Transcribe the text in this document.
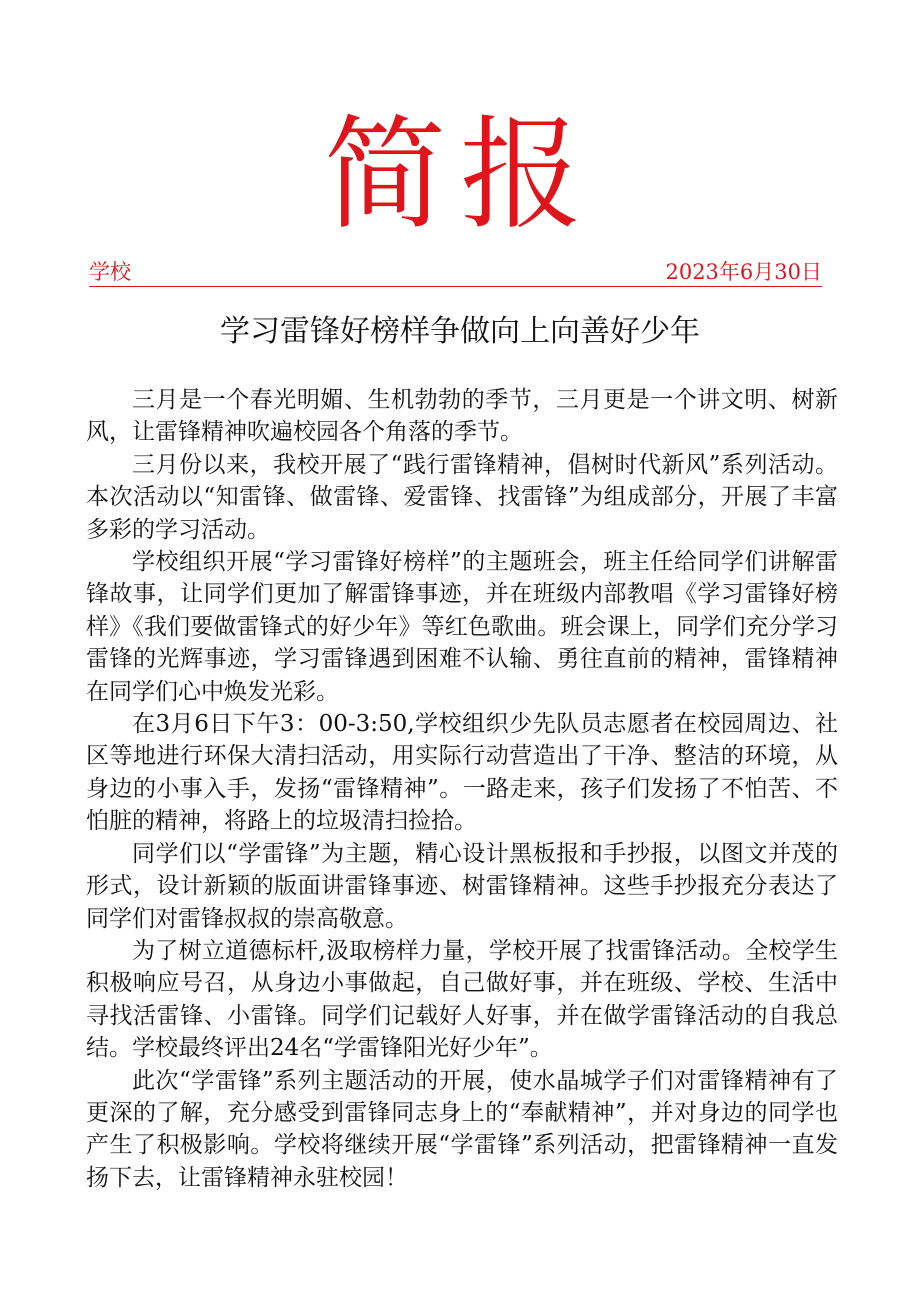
简报
学校	2023年6月30日
学习雷锋好榜样争做向上向善好少年

三月是一个春光明媚、生机勃勃的季节，三月更是一个讲文明、树新风，让雷锋精神吹遍校园各个角落的季节。

三月份以来，我校开展了“践行雷锋精神，倡树时代新风”系列活动。本次活动以“知雷锋、做雷锋、爱雷锋、找雷锋”为组成部分，开展了丰富多彩的学习活动。

学校组织开展“学习雷锋好榜样”的主题班会，班主任给同学们讲解雷锋故事，让同学们更加了解雷锋事迹，并在班级内部教唱《学习雷锋好榜样》《我们要做雷锋式的好少年》等红色歌曲。班会课上，同学们充分学习雷锋的光辉事迹，学习雷锋遇到困难不认输、勇往直前的精神，雷锋精神在同学们心中焕发光彩。

在3月6日下午3：00-3:50,学校组织少先队员志愿者在校园周边、社区等地进行环保大清扫活动，用实际行动营造出了干净、整洁的环境，从身边的小事入手，发扬“雷锋精神”。一路走来，孩子们发扬了不怕苦、不怕脏的精神，将路上的垃圾清扫捡拾。

同学们以“学雷锋”为主题，精心设计黑板报和手抄报，以图文并茂的形式，设计新颖的版面讲雷锋事迹、树雷锋精神。这些手抄报充分表达了同学们对雷锋叔叔的崇高敬意。

为了树立道德标杆,汲取榜样力量，学校开展了找雷锋活动。全校学生积极响应号召，从身边小事做起，自己做好事，并在班级、学校、生活中寻找活雷锋、小雷锋。同学们记载好人好事，并在做学雷锋活动的自我总结。学校最终评出24名“学雷锋阳光好少年”。

此次“学雷锋”系列主题活动的开展，使水晶城学子们对雷锋精神有了更深的了解，充分感受到雷锋同志身上的“奉献精神”，并对身边的同学也产生了积极影响。学校将继续开展“学雷锋”系列活动，把雷锋精神一直发扬下去，让雷锋精神永驻校园！
